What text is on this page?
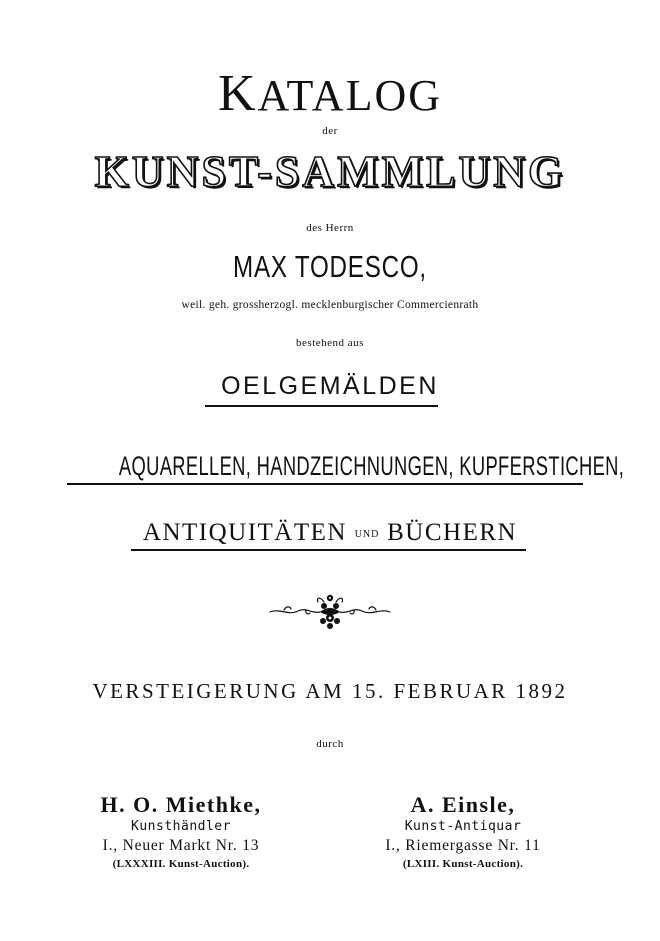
KATALOG
der
KUNST-SAMMLUNG
des Herrn
MAX TODESCO,
weil. geh. grossherzogl. mecklenburgischer Commercienrath
bestehend aus
OELGEMÄLDEN
AQUARELLEN, HANDZEICHNUNGEN, KUPFERSTICHEN,
ANTIQUITÄTEN UND BÜCHERN
VERSTEIGERUNG AM 15. FEBRUAR 1892
durch
H. O. Miethke,
Kunsthändler
I., Neuer Markt Nr. 13
(LXXXIII. Kunst-Auction).
A. Einsle,
Kunst-Antiquar
I., Riemergasse Nr. 11
(LXIII. Kunst-Auction).
